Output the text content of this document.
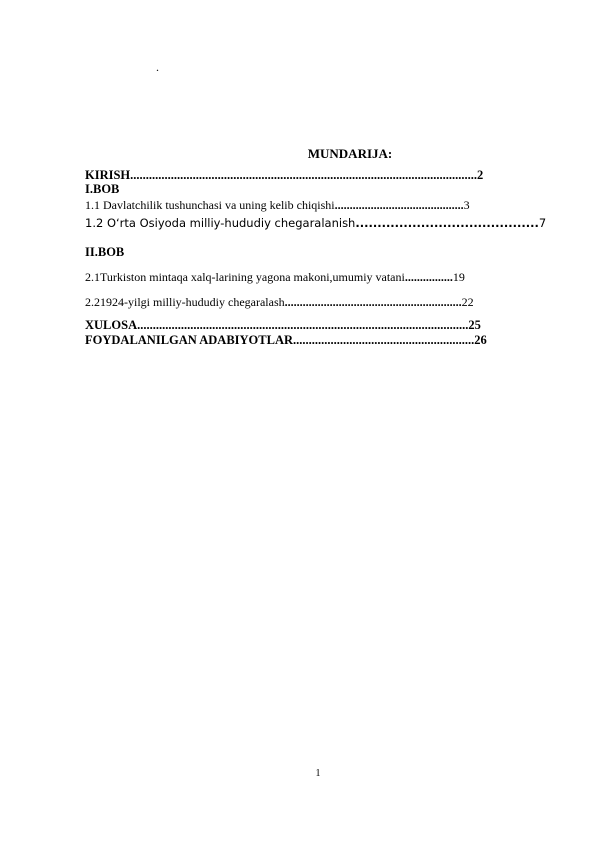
.
MUNDARIJA:
KIRISH...............................................................................................................2
I.BOB
1.1 Davlatchilik tushunchasi va uning kelib chiqishi...........................................3
1.2 O‘rta Osiyoda milliy-hududiy chegaralanish..........................................7
II.BOB
2.1Turkiston mintaqa xalq-larining yagona makoni,umumiy vatani................19
2.21924-yilgi milliy-hududiy chegaralash...........................................................22
XULOSA..........................................................................................................25
FOYDALANILGAN ADABIYOTLAR..........................................................26
1
